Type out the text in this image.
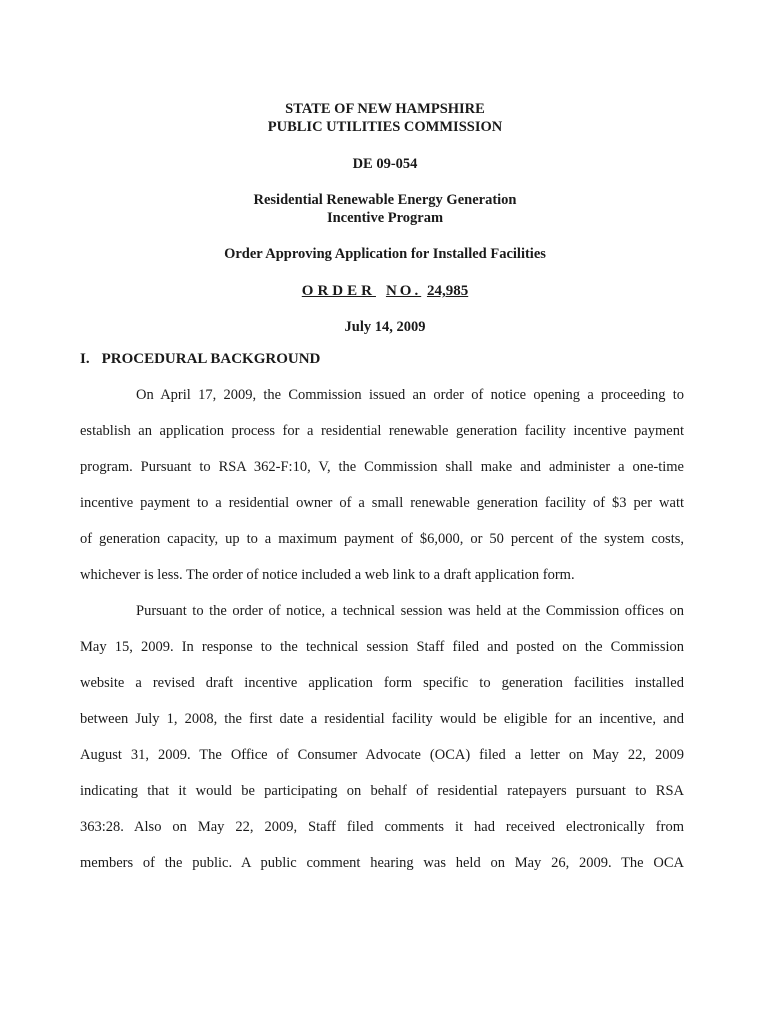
STATE OF NEW HAMPSHIRE
PUBLIC UTILITIES COMMISSION
DE 09-054
Residential Renewable Energy Generation
Incentive Program
Order Approving Application for Installed Facilities
ORDER NO. 24,985
July 14, 2009
I. PROCEDURAL BACKGROUND
On April 17, 2009, the Commission issued an order of notice opening a proceeding to
establish an application process for a residential renewable generation facility incentive payment
program. Pursuant to RSA 362-F:10, V, the Commission shall make and administer a one-time
incentive payment to a residential owner of a small renewable generation facility of $3 per watt
of generation capacity, up to a maximum payment of $6,000, or 50 percent of the system costs,
whichever is less. The order of notice included a web link to a draft application form.
Pursuant to the order of notice, a technical session was held at the Commission offices on
May 15, 2009. In response to the technical session Staff filed and posted on the Commission
website a revised draft incentive application form specific to generation facilities installed
between July 1, 2008, the first date a residential facility would be eligible for an incentive, and
August 31, 2009. The Office of Consumer Advocate (OCA) filed a letter on May 22, 2009
indicating that it would be participating on behalf of residential ratepayers pursuant to RSA
363:28. Also on May 22, 2009, Staff filed comments it had received electronically from
members of the public. A public comment hearing was held on May 26, 2009. The OCA
